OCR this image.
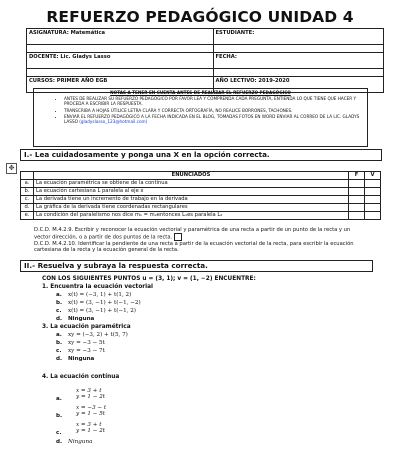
REFUERZO PEDAGÓGICO UNIDAD 4
ASIGNATURA: Matemática	ESTUDIANTE:

DOCENTE: Lic. Gladys Lasso	FECHA:

CURSOS: PRIMER AÑO EGB	AÑO LECTIVO: 2019-2020
NOTAS A TENER EN CUENTA ANTES DE REALIZAR EL REFUERZO PEDAGÓGICO
• ANTES DE REALIZAR SU REFUERZO PEDAGÓGICO POR FAVOR LEA Y COMPRENDA CADA PREGUNTA, ENTIENDA LO QUE TIENE QUE HACER Y PROCEDA A ESCRIBIR LA RESPUESTA.
• TRANSCRIBA A HOJAS ÚTILICE LETRA CLARA Y CORRECTA ORTOGRAFÍA, NO REALICE BORRONES, TACHONES.
• ENVIAR EL REFUERZO PEDAGÓGICO A LA FECHA INDICADA EN EL BLOG, TOMADAS FOTOS EN WORD ENVIAR AL CORREO DE LA LIC. GLADYS LASSO (gladyslasso_123@hotmail.com)
I.- Lea cuidadosamente y ponga una X en la opción correcta.
✥
	ENUNCIADOS	F	V
a.	La ecuación paramétrica se obtiene de la contínua		
b.	La ecuación cartesiana L paralela al eje x		
c.	La derivada tiene un incremento de trabajo en la derivada		
d.	La gráfica de la derivada tiene coordenadas rectangulares		
e.	La condición del paralelismo nos dice m₁ = m₂entonces L₁es paralela L₂		
D.C.D. M.4.2.9. Escribir y reconocer la ecuación vectorial y paramétrica de una recta a partir de un punto de la recta y un vector dirección, o a partir de dos puntos de la recta.
D.C.D. M.4.2.10. Identificar la pendiente de una recta a partir de la ecuación vectorial de la recta, para escribir la ecuación cartesiana de la recta y la ecuación general de la recta.
II.- Resuelva y subraya la respuesta correcta.
CON LOS SIGUIENTES PUNTOS u = (3, 1); v = (1, −2) ENCUENTRE:
1. Encuentra la ecuación vectorial
a. x(t) = (−3, 1) + t(1, 2)
b. x(t) = (3, −1) + t(−1, −2)
c. x(t) = (3, −1) + t(−1, 2)
d. Ninguna
3. La ecuación paramétrica
a. xy = (−3, 2) + t(5, 7)
b. xy = −3 − 5t
c. xy = −3 − 7t
d. Ninguna
4. La ecuación contínua
a.
x = 3 + t
y = 1 − 2t
b.
x = −3 − t
y = 1 − 5t
c.
x = 3 + t
y = 1 − 2t
d. Ninguna
